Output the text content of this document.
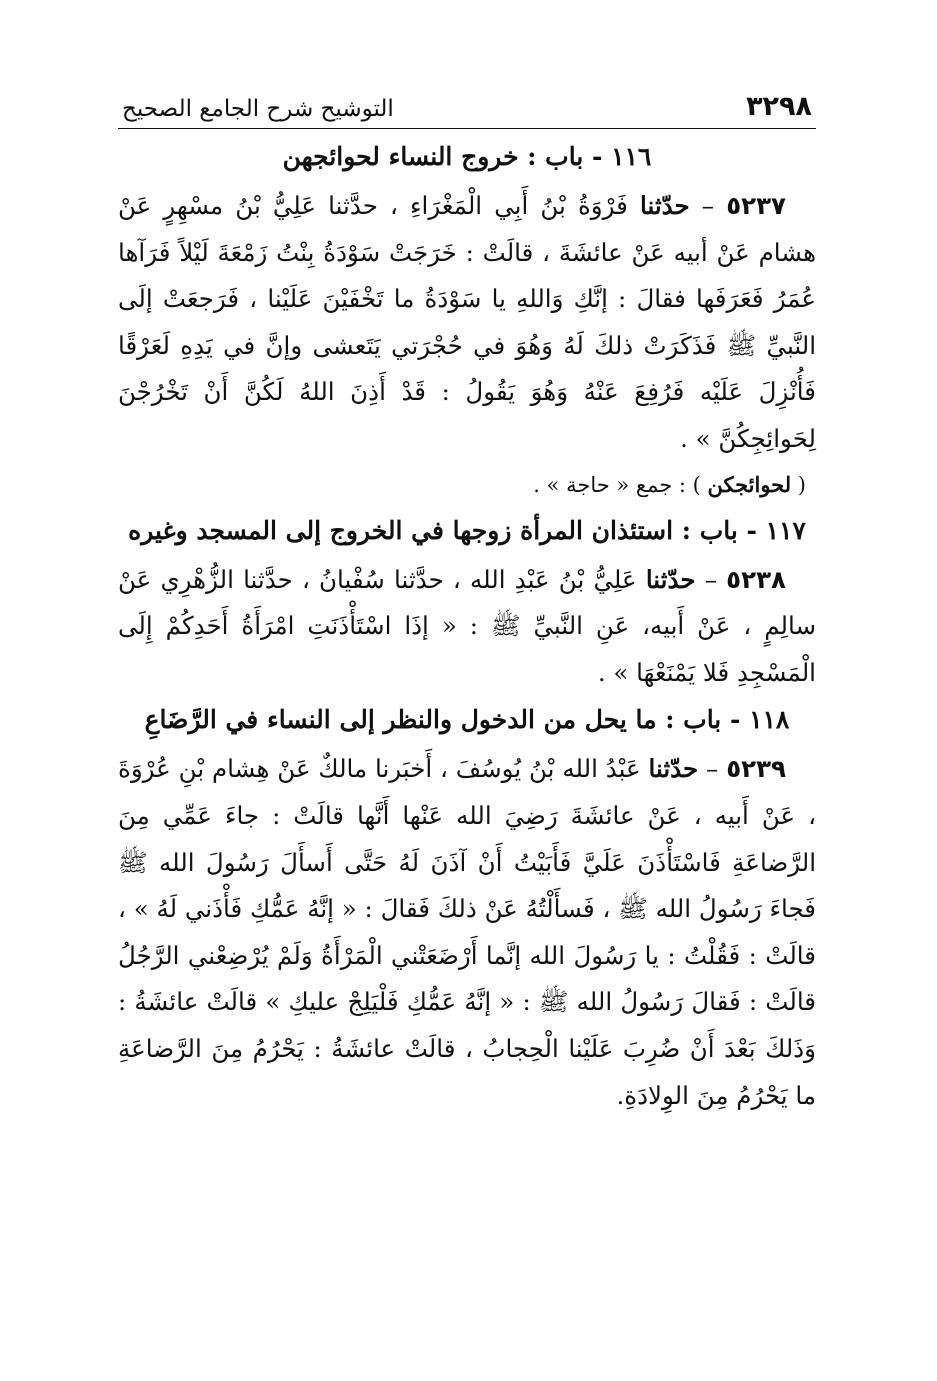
٣٢٩٨
التوشيح شرح الجامع الصحيح
١١٦ - باب : خروج النساء لحوائجهن

٥٢٣٧ – حدّثنا فَرْوَةُ بْنُ أَبِي الْمَغْرَاءِ ، حدَّثنا عَلِيُّ بْنُ مسْهِرٍ عَنْ هشام عَنْ أبيه عَنْ عائشَةَ ، قالَتْ : خَرَجَتْ سَوْدَةُ بِنْتُ زَمْعَةَ لَيْلاً فَرَآها عُمَرُ فَعَرَفَها فقالَ : إنَّكِ وَاللهِ يا سَوْدَةُ ما تَخْفَيْنَ عَلَيْنا ، فَرَجعَتْ إلَى النَّبيِّ ﷺ فَذَكَرَتْ ذلكَ لَهُ وَهُوَ في حُجْرَتي يَتَعشى وإنَّ في يَدِهِ لَعَرْقًا فَأُنْزِلَ عَلَيْه فَرُفِعَ عَنْهُ وَهُوَ يَقُولُ : قَدْ أَذِنَ اللهُ لَكُنَّ أَنْ تَخْرُجْنَ لِحَوائِجِكُنَّ » .

( لحوائجكن ) : جمع « حاجة » .

١١٧ - باب : استئذان المرأة زوجها في الخروج إلى المسجد وغيره

٥٢٣٨ – حدّثنا عَلِيُّ بْنُ عَبْدِ الله ، حدَّثنا سُفْيانُ ، حدَّثنا الزُّهْرِي عَنْ سالِمٍ ، عَنْ أَبيه، عَنِ النَّبيِّ ﷺ : « إذَا اسْتَأْذَنَتِ امْرَأَةُ أَحَدِكُمْ إِلَى الْمَسْجِدِ فَلا يَمْنَعْهَا » .

١١٨ - باب : ما يحل من الدخول والنظر إلى النساء في الرَّضَاعِ

٥٢٣٩ – حدّثنا عَبْدُ الله بْنُ يُوسُفَ ، أَخبَرنا مالكٌ عَنْ هِشام بْنِ عُرْوَةَ ، عَنْ أَبيه ، عَنْ عائشَةَ رَضِيَ الله عَنْها أَنَّها قالَتْ : جاءَ عَمِّي مِنَ الرَّضاعَةِ فَاسْتَأْذَنَ عَلَيَّ فَأَبَيْتُ أَنْ آذَنَ لَهُ حَتَّى أَسأَلَ رَسُولَ الله ﷺ فَجاءَ رَسُولُ الله ﷺ ، فَسأَلْتُهُ عَنْ ذلكَ فَقالَ : « إنَّهُ عَمُّكِ فَأْذَني لَهُ » ، قالَتْ : فَقُلْتُ : يا رَسُولَ الله إنَّما أَرْضَعَتْني الْمَرْأَةُ وَلَمْ يُرْضِعْني الرَّجُلُ قالَتْ : فَقالَ رَسُولُ الله ﷺ : « إنَّهُ عَمُّكِ فَلْيَلِجْ عليكِ » قالَتْ عائشَةُ : وَذَلكَ بَعْدَ أَنْ ضُرِبَ عَلَيْنا الْحِجابُ ، قالَتْ عائشَةُ : يَحْرُمُ مِنَ الرَّضاعَةِ ما يَحْرُمُ مِنَ الوِلادَةِ.
